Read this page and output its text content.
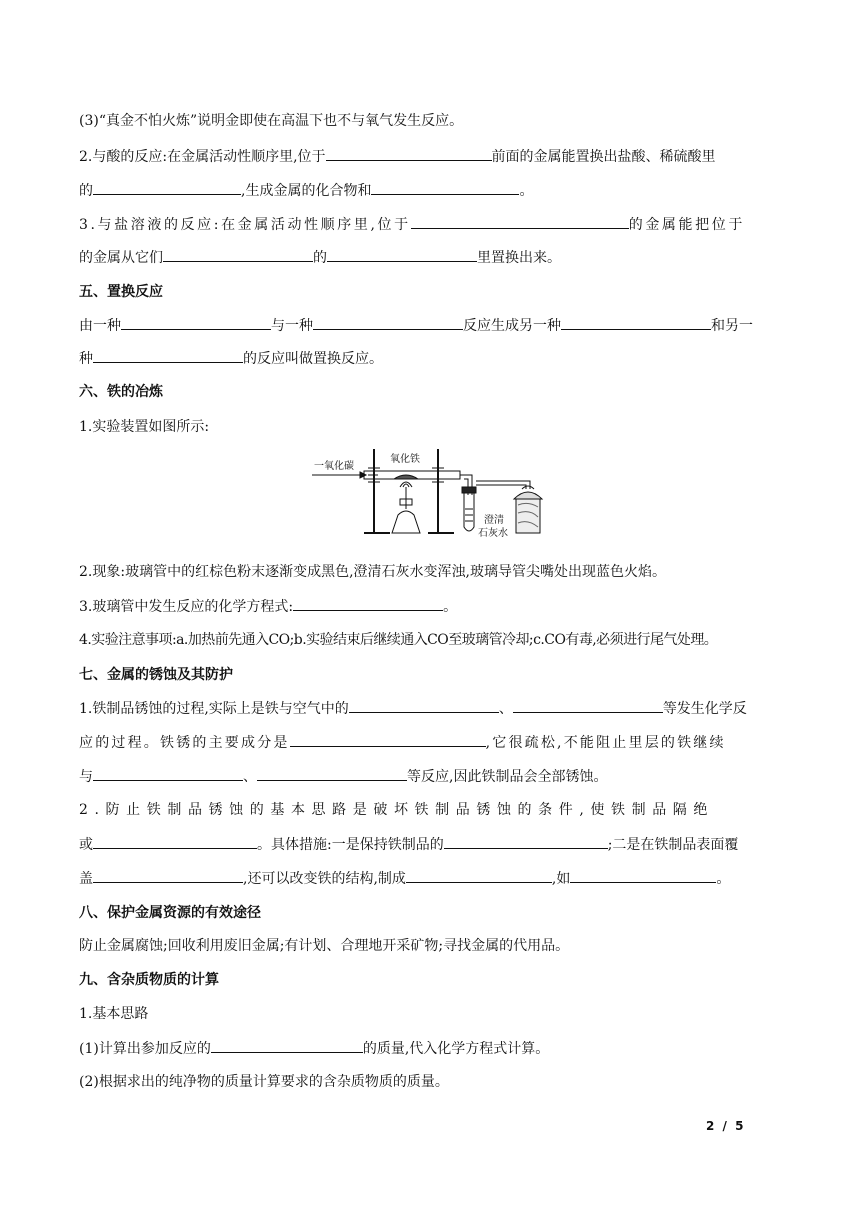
(3)“真金不怕火炼”说明金即使在高温下也不与氧气发生反应。
2.与酸的反应:在金属活动性顺序里,位于	前面的金属能置换出盐酸、稀硫酸里
的	,生成金属的化合物和	。
3.与盐溶液的反应:在金属活动性顺序里,位于	的金属能把位于
的金属从它们	的	里置换出来。
五、置换反应
由一种	与一种	反应生成另一种	和另一
种	的反应叫做置换反应。
六、铁的冶炼
1.实验装置如图所示:
一氧化碳
氧化铁
澄清
石灰水
2.现象:玻璃管中的红棕色粉末逐渐变成黑色,澄清石灰水变浑浊,玻璃导管尖嘴处出现蓝色火焰。
3.玻璃管中发生反应的化学方程式:	。
4.实验注意事项:a.加热前先通入CO;b.实验结束后继续通入CO至玻璃管冷却;c.CO有毒,必须进行尾气处理。
七、金属的锈蚀及其防护
1.铁制品锈蚀的过程,实际上是铁与空气中的	、	等发生化学反
应的过程。铁锈的主要成分是	,它很疏松,不能阻止里层的铁继续
与	、	等反应,因此铁制品会全部锈蚀。
2.防止铁制品锈蚀的基本思路是破坏铁制品锈蚀的条件,使铁制品隔绝
或	。具体措施:一是保持铁制品的	;二是在铁制品表面覆
盖	,还可以改变铁的结构,制成	,如	。
八、保护金属资源的有效途径
防止金属腐蚀;回收利用废旧金属;有计划、合理地开采矿物;寻找金属的代用品。
九、含杂质物质的计算
1.基本思路
(1)计算出参加反应的	的质量,代入化学方程式计算。
(2)根据求出的纯净物的质量计算要求的含杂质物质的质量。
2 / 5
